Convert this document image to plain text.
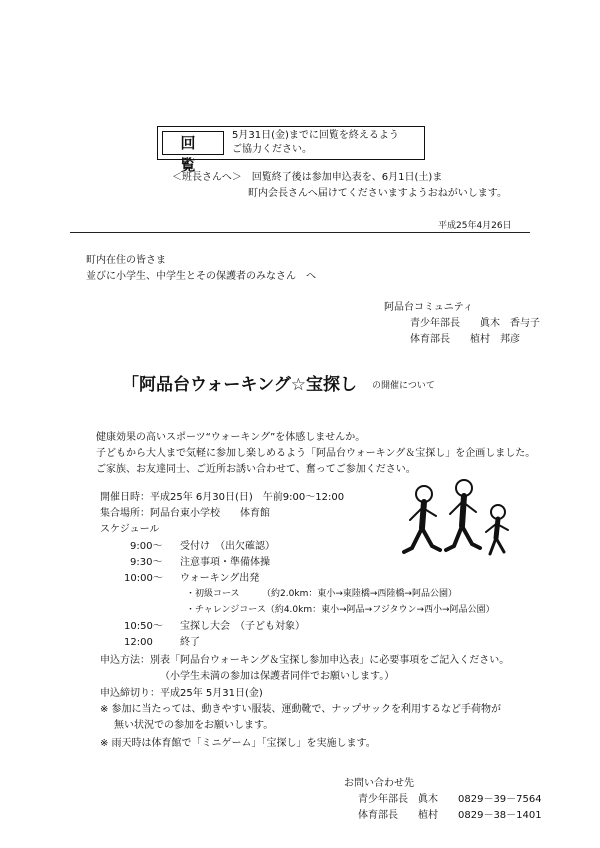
回 覧
5月31日(金)までに回覧を終えるよう
ご協力ください。
＜班長さんへ＞　回覧終了後は参加申込表を、6月1日(土)ま
町内会長さんへ届けてくださいますようおねがいします。
平成25年4月26日
町内在住の皆さま
並びに小学生、中学生とその保護者のみなさん　へ
阿品台コミュニティ
青少年部長　　眞木　香与子
体育部長　　植村　邦彦
「阿品台ウォーキング☆宝探し の開催について
健康効果の高いスポーツ“ウォーキング”を体感しませんか。
子どもから大人まで気軽に参加し楽しめるよう「阿品台ウォーキング＆宝探し」を企画しました。
ご家族、お友達同士、ご近所お誘い合わせて、奮ってご参加ください。
開催日時：平成25年 6月30日(日)　午前9:00～12:00
集合場所：阿品台東小学校　　体育館
スケジュール
9:00～ 受付け　（出欠確認）
9:30～ 注意事項・準備体操
10:00～ ウォーキング出発
・初級コース　　　（約2.0km：東小→東陸橋→西陸橋→阿品公園）
・チャレンジコース（約4.0km：東小→阿品→フジタウン→西小→阿品公園）
10:50～ 宝探し大会　（子ども対象）
12:00	終了
申込方法：別表「阿品台ウォーキング＆宝探し参加申込表」に必要事項をご記入ください。
（小学生未満の参加は保護者同伴でお願いします。）
申込締切り：平成25年 5月31日(金)
※ 参加に当たっては、動きやすい服装、運動靴で、ナップサックを利用するなど手荷物が
無い状況での参加をお願いします。
※ 雨天時は体育館で「ミニゲーム」「宝探し」を実施します。
お問い合わせ先
青少年部長　眞木　　0829－39－7564
体育部長　　植村　　0829－38－1401
